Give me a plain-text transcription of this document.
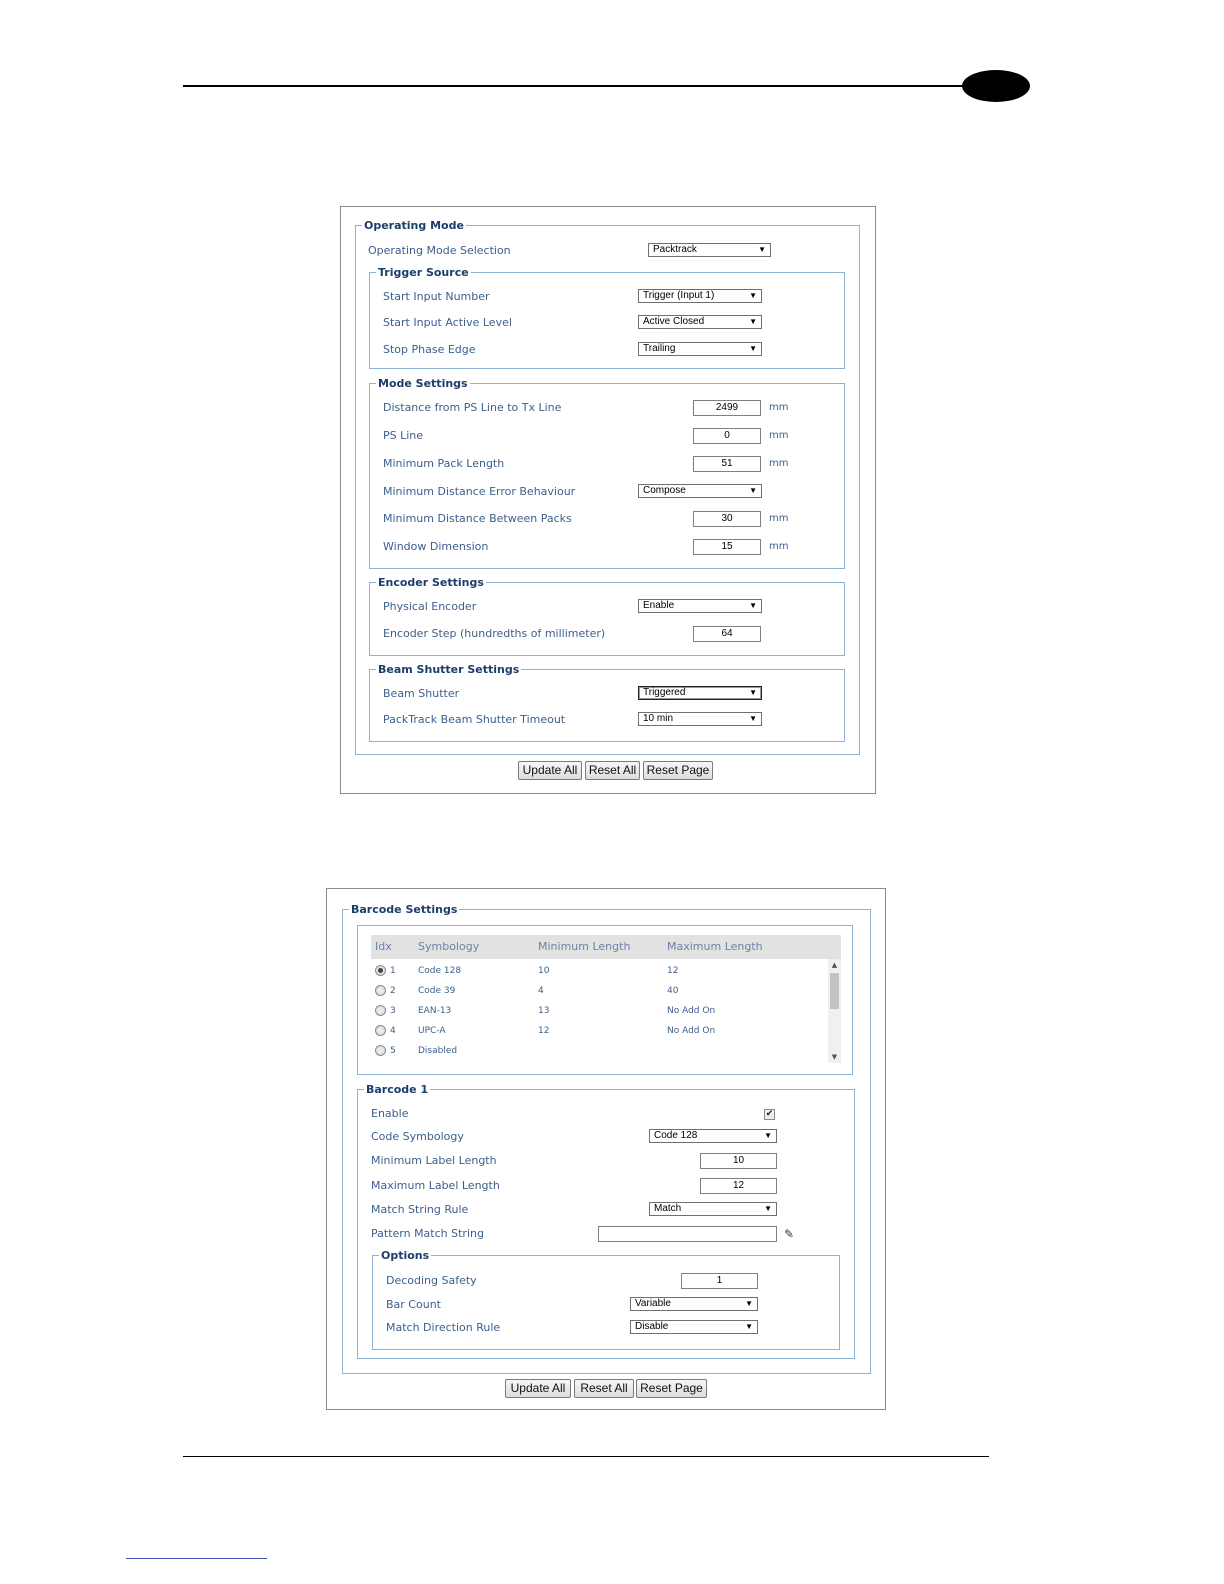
Operating Mode
Operating Mode Selection	Packtrack	▼
Trigger Source
Start Input Number	Trigger (Input 1)	▼
Start Input Active Level	Active Closed	▼
Stop Phase Edge	Trailing	▼
Mode Settings
Distance from PS Line to Tx Line	2499	mm
PS Line	0	mm
Minimum Pack Length	51	mm
Minimum Distance Error Behaviour	Compose	▼
Minimum Distance Between Packs	30	mm
Window Dimension	15	mm
Encoder Settings
Physical Encoder	Enable	▼
Encoder Step (hundredths of millimeter)	64
Beam Shutter Settings
Beam Shutter	Triggered	▼
PackTrack Beam Shutter Timeout	10 min	▼
Update All Reset All Reset Page
Barcode Settings
Idx Symbology	Minimum Length	Maximum Length
1 Code 128	10	12
2 Code 39	4	40
3 EAN-13	13	No Add On
4 UPC-A	12	No Add On
5 Disabled
▲
▼
Barcode 1
Enable	✔
Code Symbology	Code 128	▼
Minimum Label Length	10
Maximum Label Length	12
Match String Rule	Match	▼
Pattern Match String	✎
Options
Decoding Safety	1
Bar Count	Variable	▼
Match Direction Rule	Disable	▼
Update All	Reset All	Reset Page
